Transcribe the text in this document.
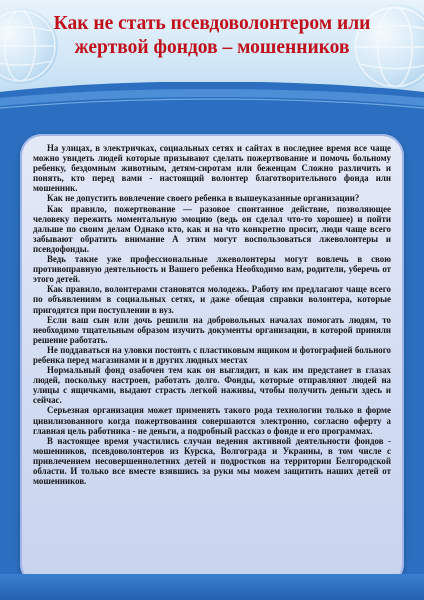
Как не стать псевдоволонтером или жертвой фондов – мошенников

На улицах, в электричках, социальных сетях и сайтах в последнее время все чаще можно увидеть людей которые призывают сделать пожертвование и помочь больному ребенку, бездомным животным, детям-сиротам или беженцам Сложно различить и понять, кто перед вами - настоящий волонтер благотворительного фонда или мошенник.

Как не допустить вовлечение своего ребенка в вышеуказанные организации?

Как правило, пожертвование — разовое спонтанное действие, позволяющее человеку пережить моментальную эмоцию (ведь он сделал что-то хорошее) и пойти дальше по своим делам Однако кто, как и на что конкретно просит, люди чаще всего забывают обратить внимание А этим могут воспользоваться лжеволонтеры и псевдофонды.

Ведь такие уже профессиональные лжеволонтеры могут вовлечь в свою противоправную деятельность и Вашего ребенка Необходимо вам, родители, уберечь от этого детей.

Как правило, волонтерами становятся молодежь. Работу им предлагают чаще всего по объявлениям в социальных сетях, и даже обещая справки волонтера, которые пригодятся при поступлении в вуз.

Если ваш сын или дочь решили на добровольных началах помогать людям, то необходимо тщательным образом изучить документы организации, в которой приняли решение работать.

Не поддаваться на уловки постоять с пластиковым ящиком и фотографией больного ребенка перед магазинами и в других людных местах

Нормальный фонд озабочен тем как он выглядит, и как им предстанет в глазах людей, поскольку настроен, работать долго. Фонды, которые отправляют людей на улицы с ящичками, выдают страсть легкой наживы, чтобы получить деньги здесь и сейчас.

Серьезная организация может применять такого рода технологии только в форме цивилизованного когда пожертвования совершаются электронно, согласно оферту а главная цель работника - не деньги, а подробный рассказ о фонде и его программах.

В настоящее время участились случаи ведения активной деятельности фондов - мошенников, псевдоволонтеров из Курска, Волгограда и Украины, в том числе с привлечением несовершеннолетних детей и подростков на территории Белгородской области. И только все вместе взявшись за руки мы можем защитить наших детей от мошенников.
